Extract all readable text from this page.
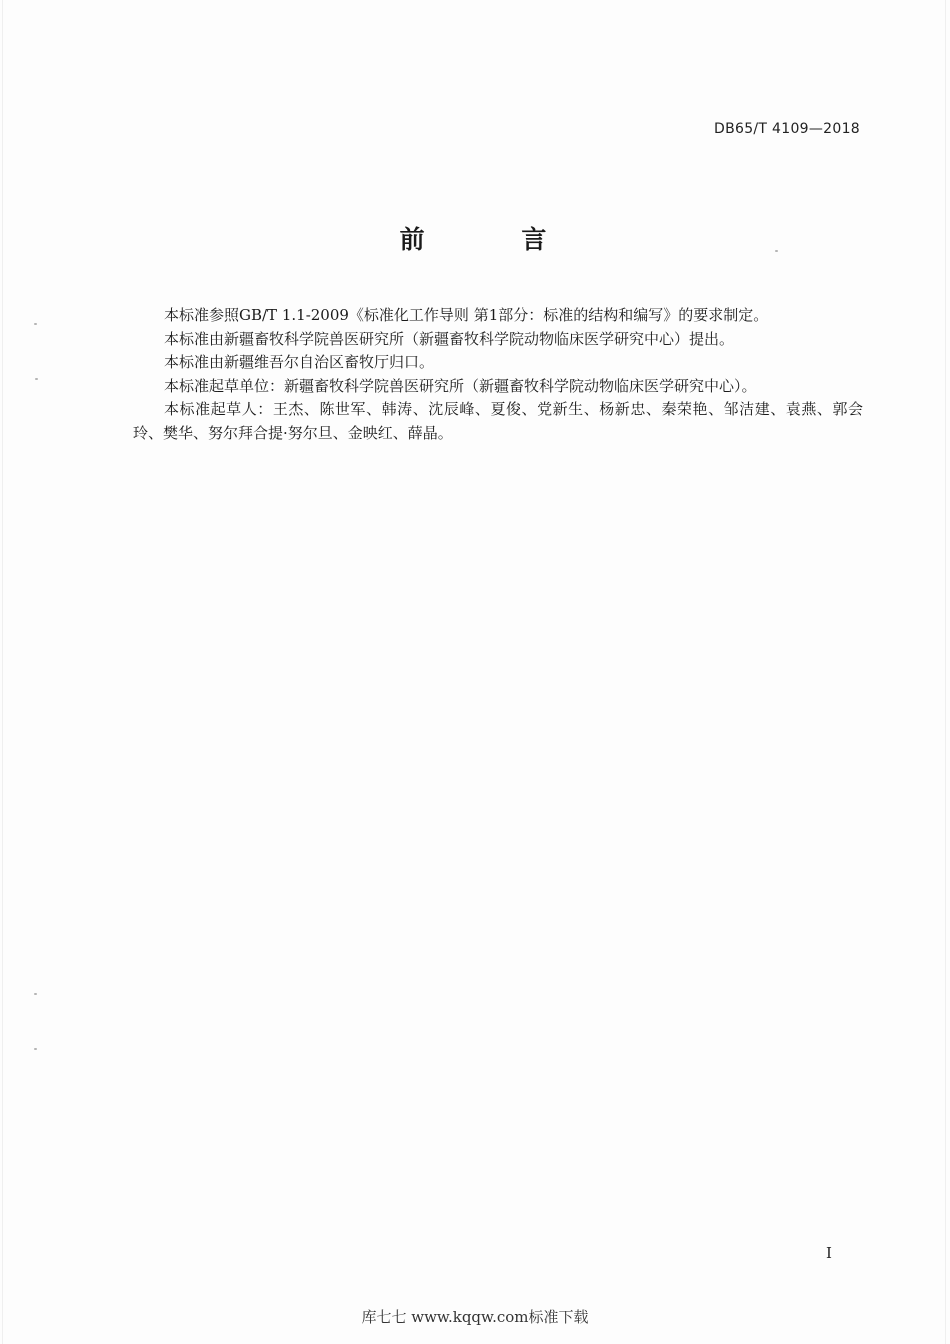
DB65/T 4109—2018
前 言

本标准参照GB/T 1.1-2009《标准化工作导则 第1部分：标准的结构和编写》的要求制定。

本标准由新疆畜牧科学院兽医研究所（新疆畜牧科学院动物临床医学研究中心）提出。

本标准由新疆维吾尔自治区畜牧厅归口。

本标准起草单位：新疆畜牧科学院兽医研究所（新疆畜牧科学院动物临床医学研究中心）。

本标准起草人：王杰、陈世军、韩涛、沈辰峰、夏俊、党新生、杨新忠、秦荣艳、邹洁建、袁燕、郭会玲、樊华、努尔拜合提·努尔旦、金映红、薛晶。

I
库七七 www.kqqw.com标准下载
